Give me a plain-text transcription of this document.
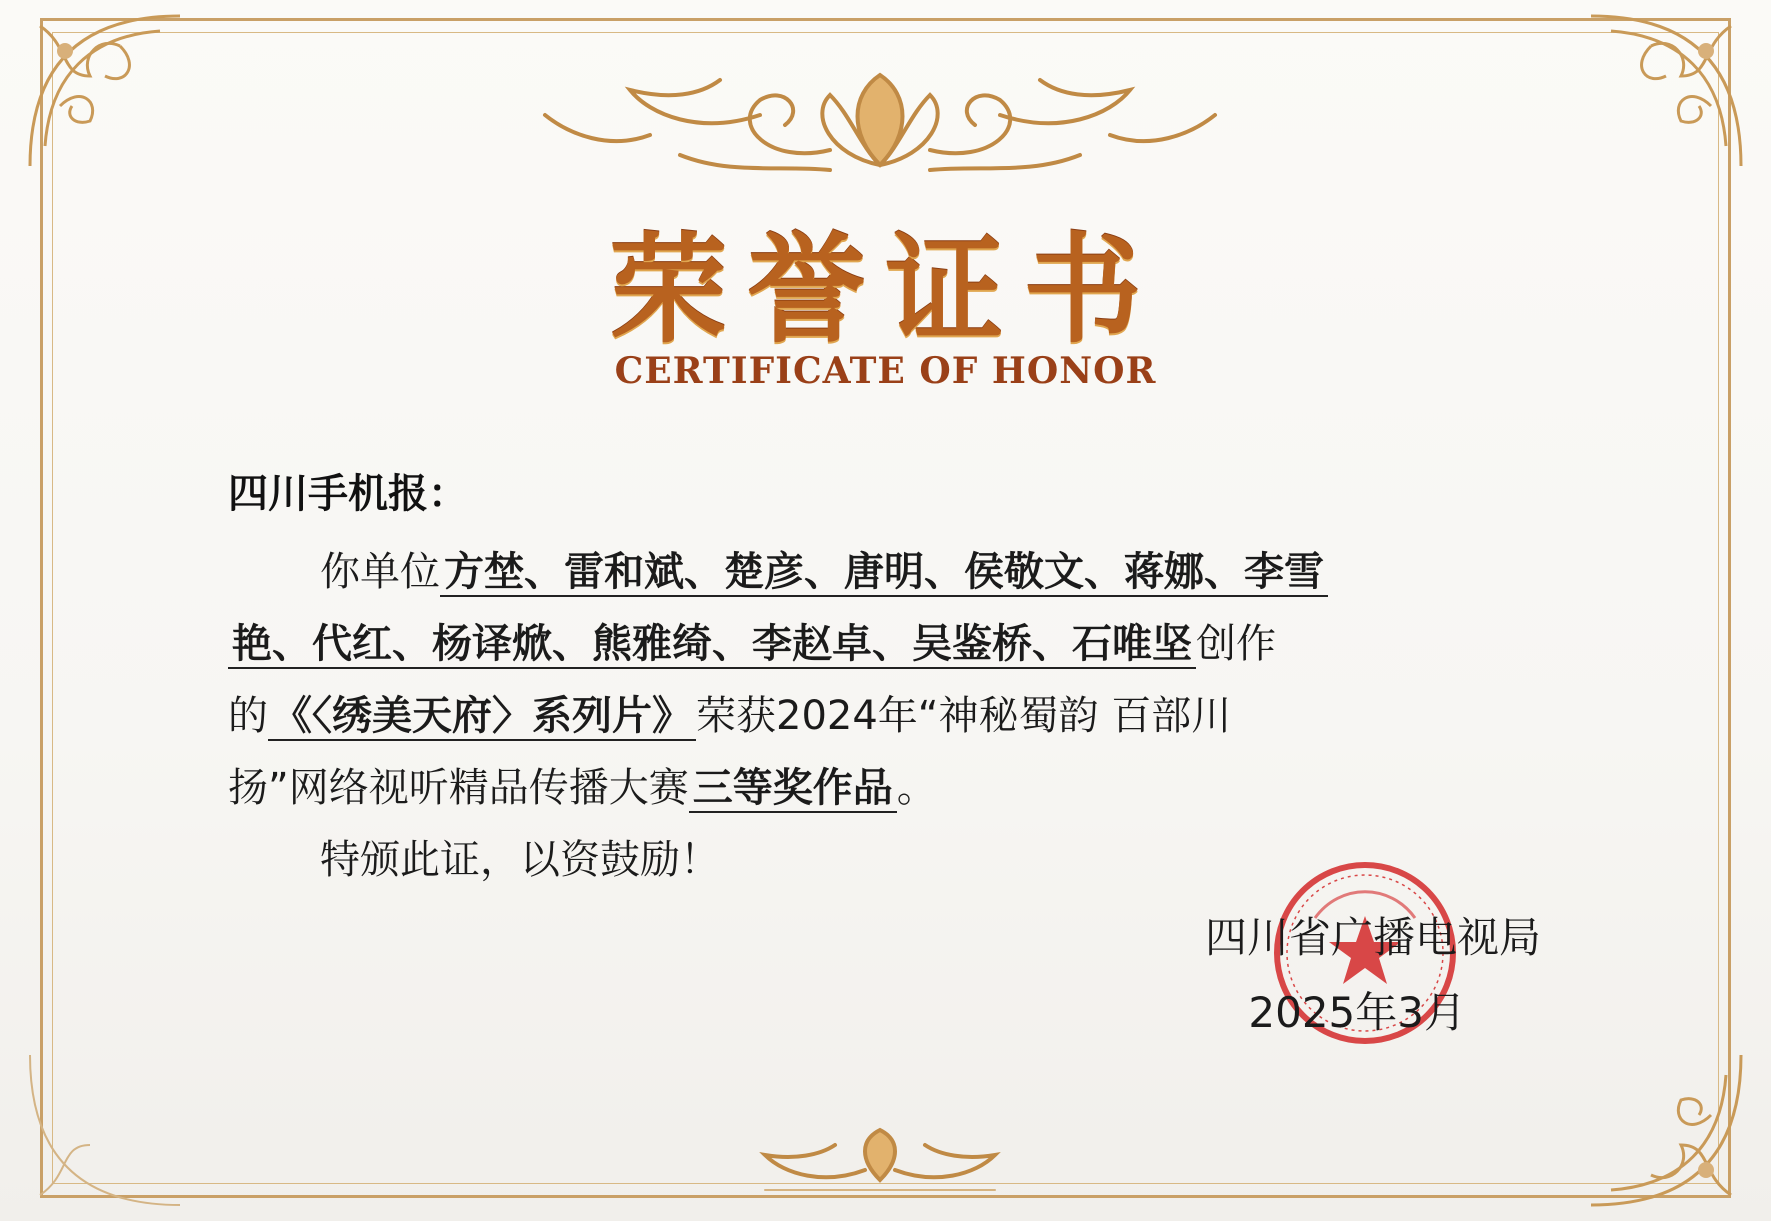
荣誉证书
CERTIFICATE OF HONOR
四川手机报：
你单位 方埜、雷和斌、楚彦、唐明、侯敬文、蒋娜、李雪
艳、代红、杨译焮、熊雅绮、李赵卓、吴鉴桥、石唯坚 创作
的 《〈绣美天府〉系列片》 荣获2024年“神秘蜀韵 百部川
扬”网络视听精品传播大赛 三等奖作品 。
特颁此证，以资鼓励！
四川省广播电视局
2025年3月
